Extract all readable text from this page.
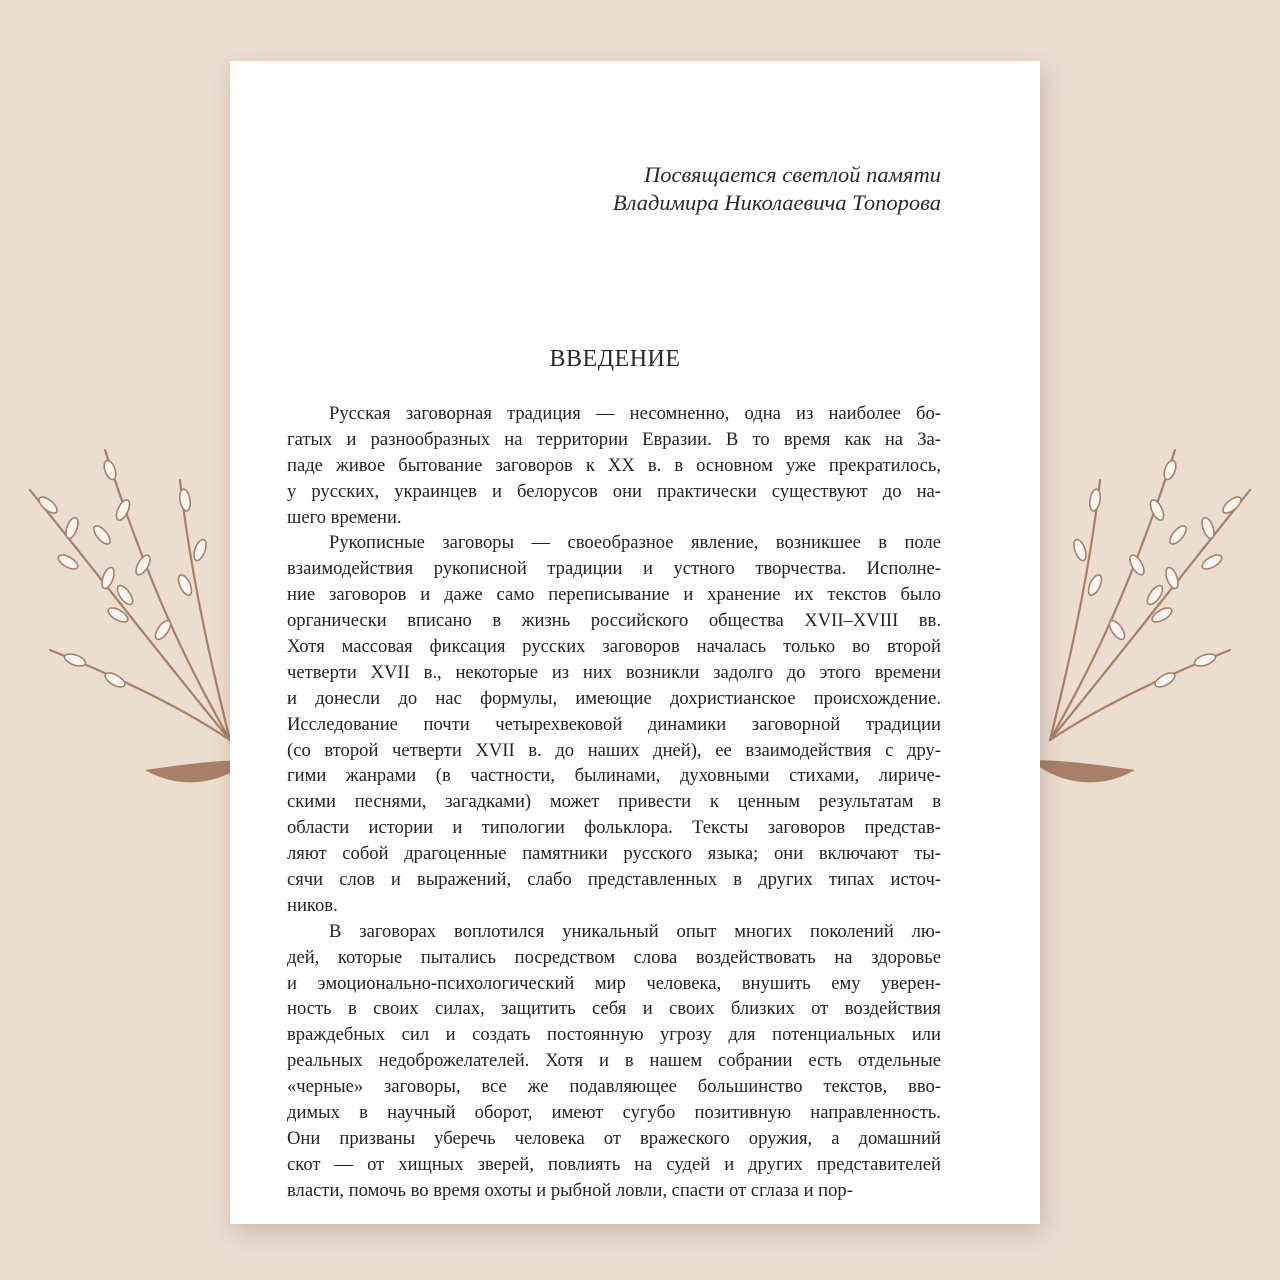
Посвящается светлой памяти
Владимира Николаевича Топорова
ВВЕДЕНИЕ
Русская заговорная традиция — несомненно, одна из наиболее бо-
гатых и разнообразных на территории Евразии. В то время как на За-
паде живое бытование заговоров к XX в. в основном уже прекратилось,
у русских, украинцев и белорусов они практически существуют до на-
шего времени.
Рукописные заговоры — своеобразное явление, возникшее в поле
взаимодействия рукописной традиции и устного творчества. Исполне-
ние заговоров и даже само переписывание и хранение их текстов было
органически вписано в жизнь российского общества XVII–XVIII вв.
Хотя массовая фиксация русских заговоров началась только во второй
четверти XVII в., некоторые из них возникли задолго до этого времени
и донесли до нас формулы, имеющие дохристианское происхождение.
Исследование почти четырехвековой динамики заговорной традиции
(со второй четверти XVII в. до наших дней), ее взаимодействия с дру-
гими жанрами (в частности, былинами, духовными стихами, лириче-
скими песнями, загадками) может привести к ценным результатам в
области истории и типологии фольклора. Тексты заговоров представ-
ляют собой драгоценные памятники русского языка; они включают ты-
сячи слов и выражений, слабо представленных в других типах источ-
ников.
В заговорах воплотился уникальный опыт многих поколений лю-
дей, которые пытались посредством слова воздействовать на здоровье
и эмоционально-психологический мир человека, внушить ему уверен-
ность в своих силах, защитить себя и своих близких от воздействия
враждебных сил и создать постоянную угрозу для потенциальных или
реальных недоброжелателей. Хотя и в нашем собрании есть отдельные
«черные» заговоры, все же подавляющее большинство текстов, вво-
димых в научный оборот, имеют сугубо позитивную направленность.
Они призваны уберечь человека от вражеского оружия, а домашний
скот — от хищных зверей, повлиять на судей и других представителей
власти, помочь во время охоты и рыбной ловли, спасти от сглаза и пор-
